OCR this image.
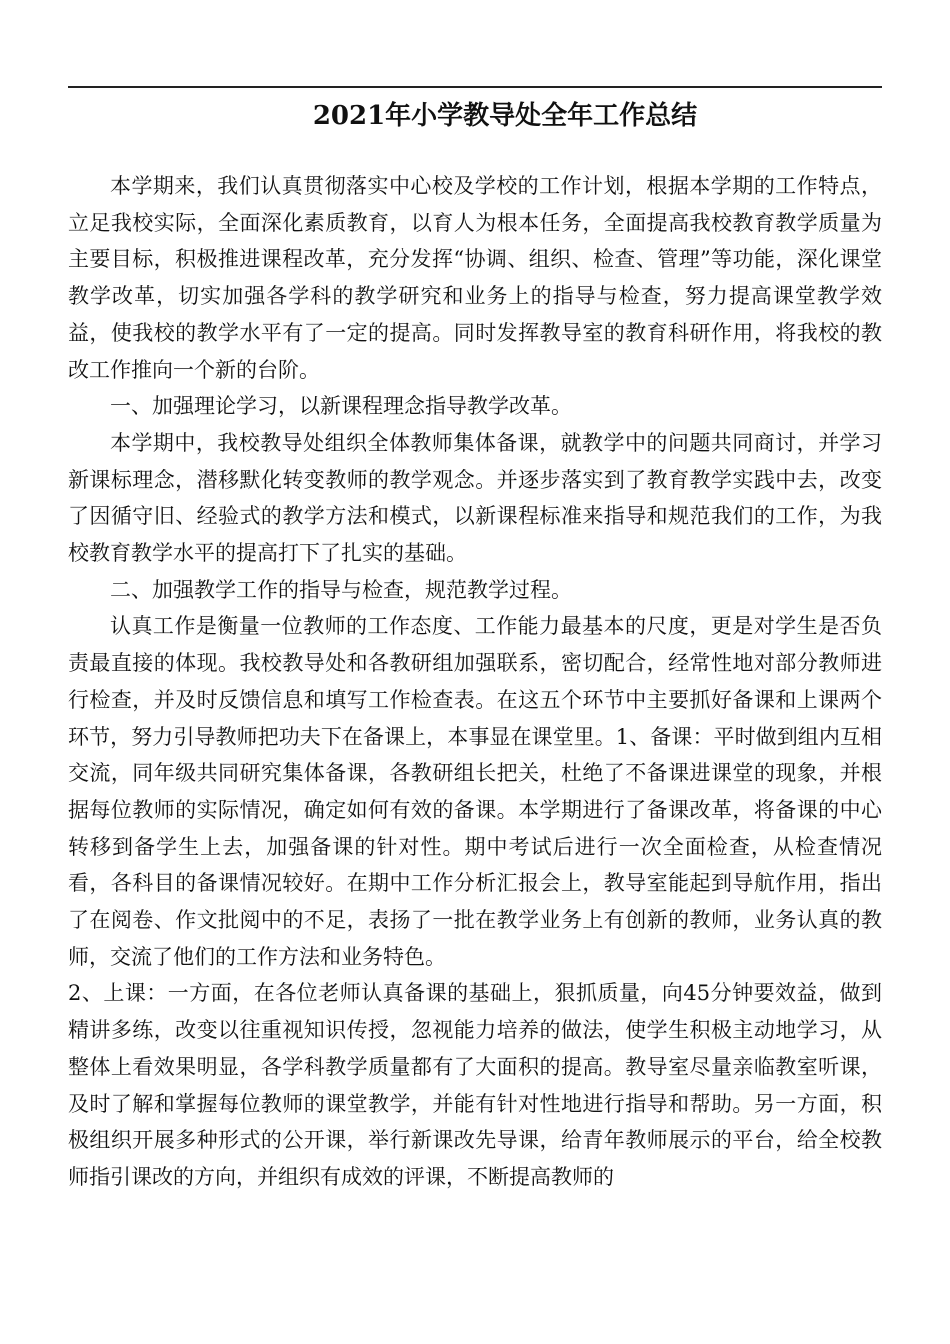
2021年小学教导处全年工作总结

本学期来，我们认真贯彻落实中心校及学校的工作计划，根据本学期的工作特点，立足我校实际，全面深化素质教育，以育人为根本任务，全面提高我校教育教学质量为主要目标，积极推进课程改革，充分发挥“协调、组织、检查、管理”等功能，深化课堂教学改革，切实加强各学科的教学研究和业务上的指导与检查，努力提高课堂教学效益，使我校的教学水平有了一定的提高。同时发挥教导室的教育科研作用，将我校的教改工作推向一个新的台阶。

一、加强理论学习，以新课程理念指导教学改革。

本学期中，我校教导处组织全体教师集体备课，就教学中的问题共同商讨，并学习新课标理念，潜移默化转变教师的教学观念。并逐步落实到了教育教学实践中去，改变了因循守旧、经验式的教学方法和模式，以新课程标准来指导和规范我们的工作，为我校教育教学水平的提高打下了扎实的基础。

二、加强教学工作的指导与检查，规范教学过程。

认真工作是衡量一位教师的工作态度、工作能力最基本的尺度，更是对学生是否负责最直接的体现。我校教导处和各教研组加强联系，密切配合，经常性地对部分教师进行检查，并及时反馈信息和填写工作检查表。在这五个环节中主要抓好备课和上课两个环节，努力引导教师把功夫下在备课上，本事显在课堂里。1、备课：平时做到组内互相交流，同年级共同研究集体备课，各教研组长把关，杜绝了不备课进课堂的现象，并根据每位教师的实际情况，确定如何有效的备课。本学期进行了备课改革，将备课的中心转移到备学生上去，加强备课的针对性。期中考试后进行一次全面检查，从检查情况看，各科目的备课情况较好。在期中工作分析汇报会上，教导室能起到导航作用，指出了在阅卷、作文批阅中的不足，表扬了一批在教学业务上有创新的教师，业务认真的教师，交流了他们的工作方法和业务特色。

2、上课：一方面，在各位老师认真备课的基础上，狠抓质量，向45分钟要效益，做到精讲多练，改变以往重视知识传授，忽视能力培养的做法，使学生积极主动地学习，从整体上看效果明显，各学科教学质量都有了大面积的提高。教导室尽量亲临教室听课，及时了解和掌握每位教师的课堂教学，并能有针对性地进行指导和帮助。另一方面，积极组织开展多种形式的公开课，举行新课改先导课，给青年教师展示的平台，给全校教师指引课改的方向，并组织有成效的评课，不断提高教师的
